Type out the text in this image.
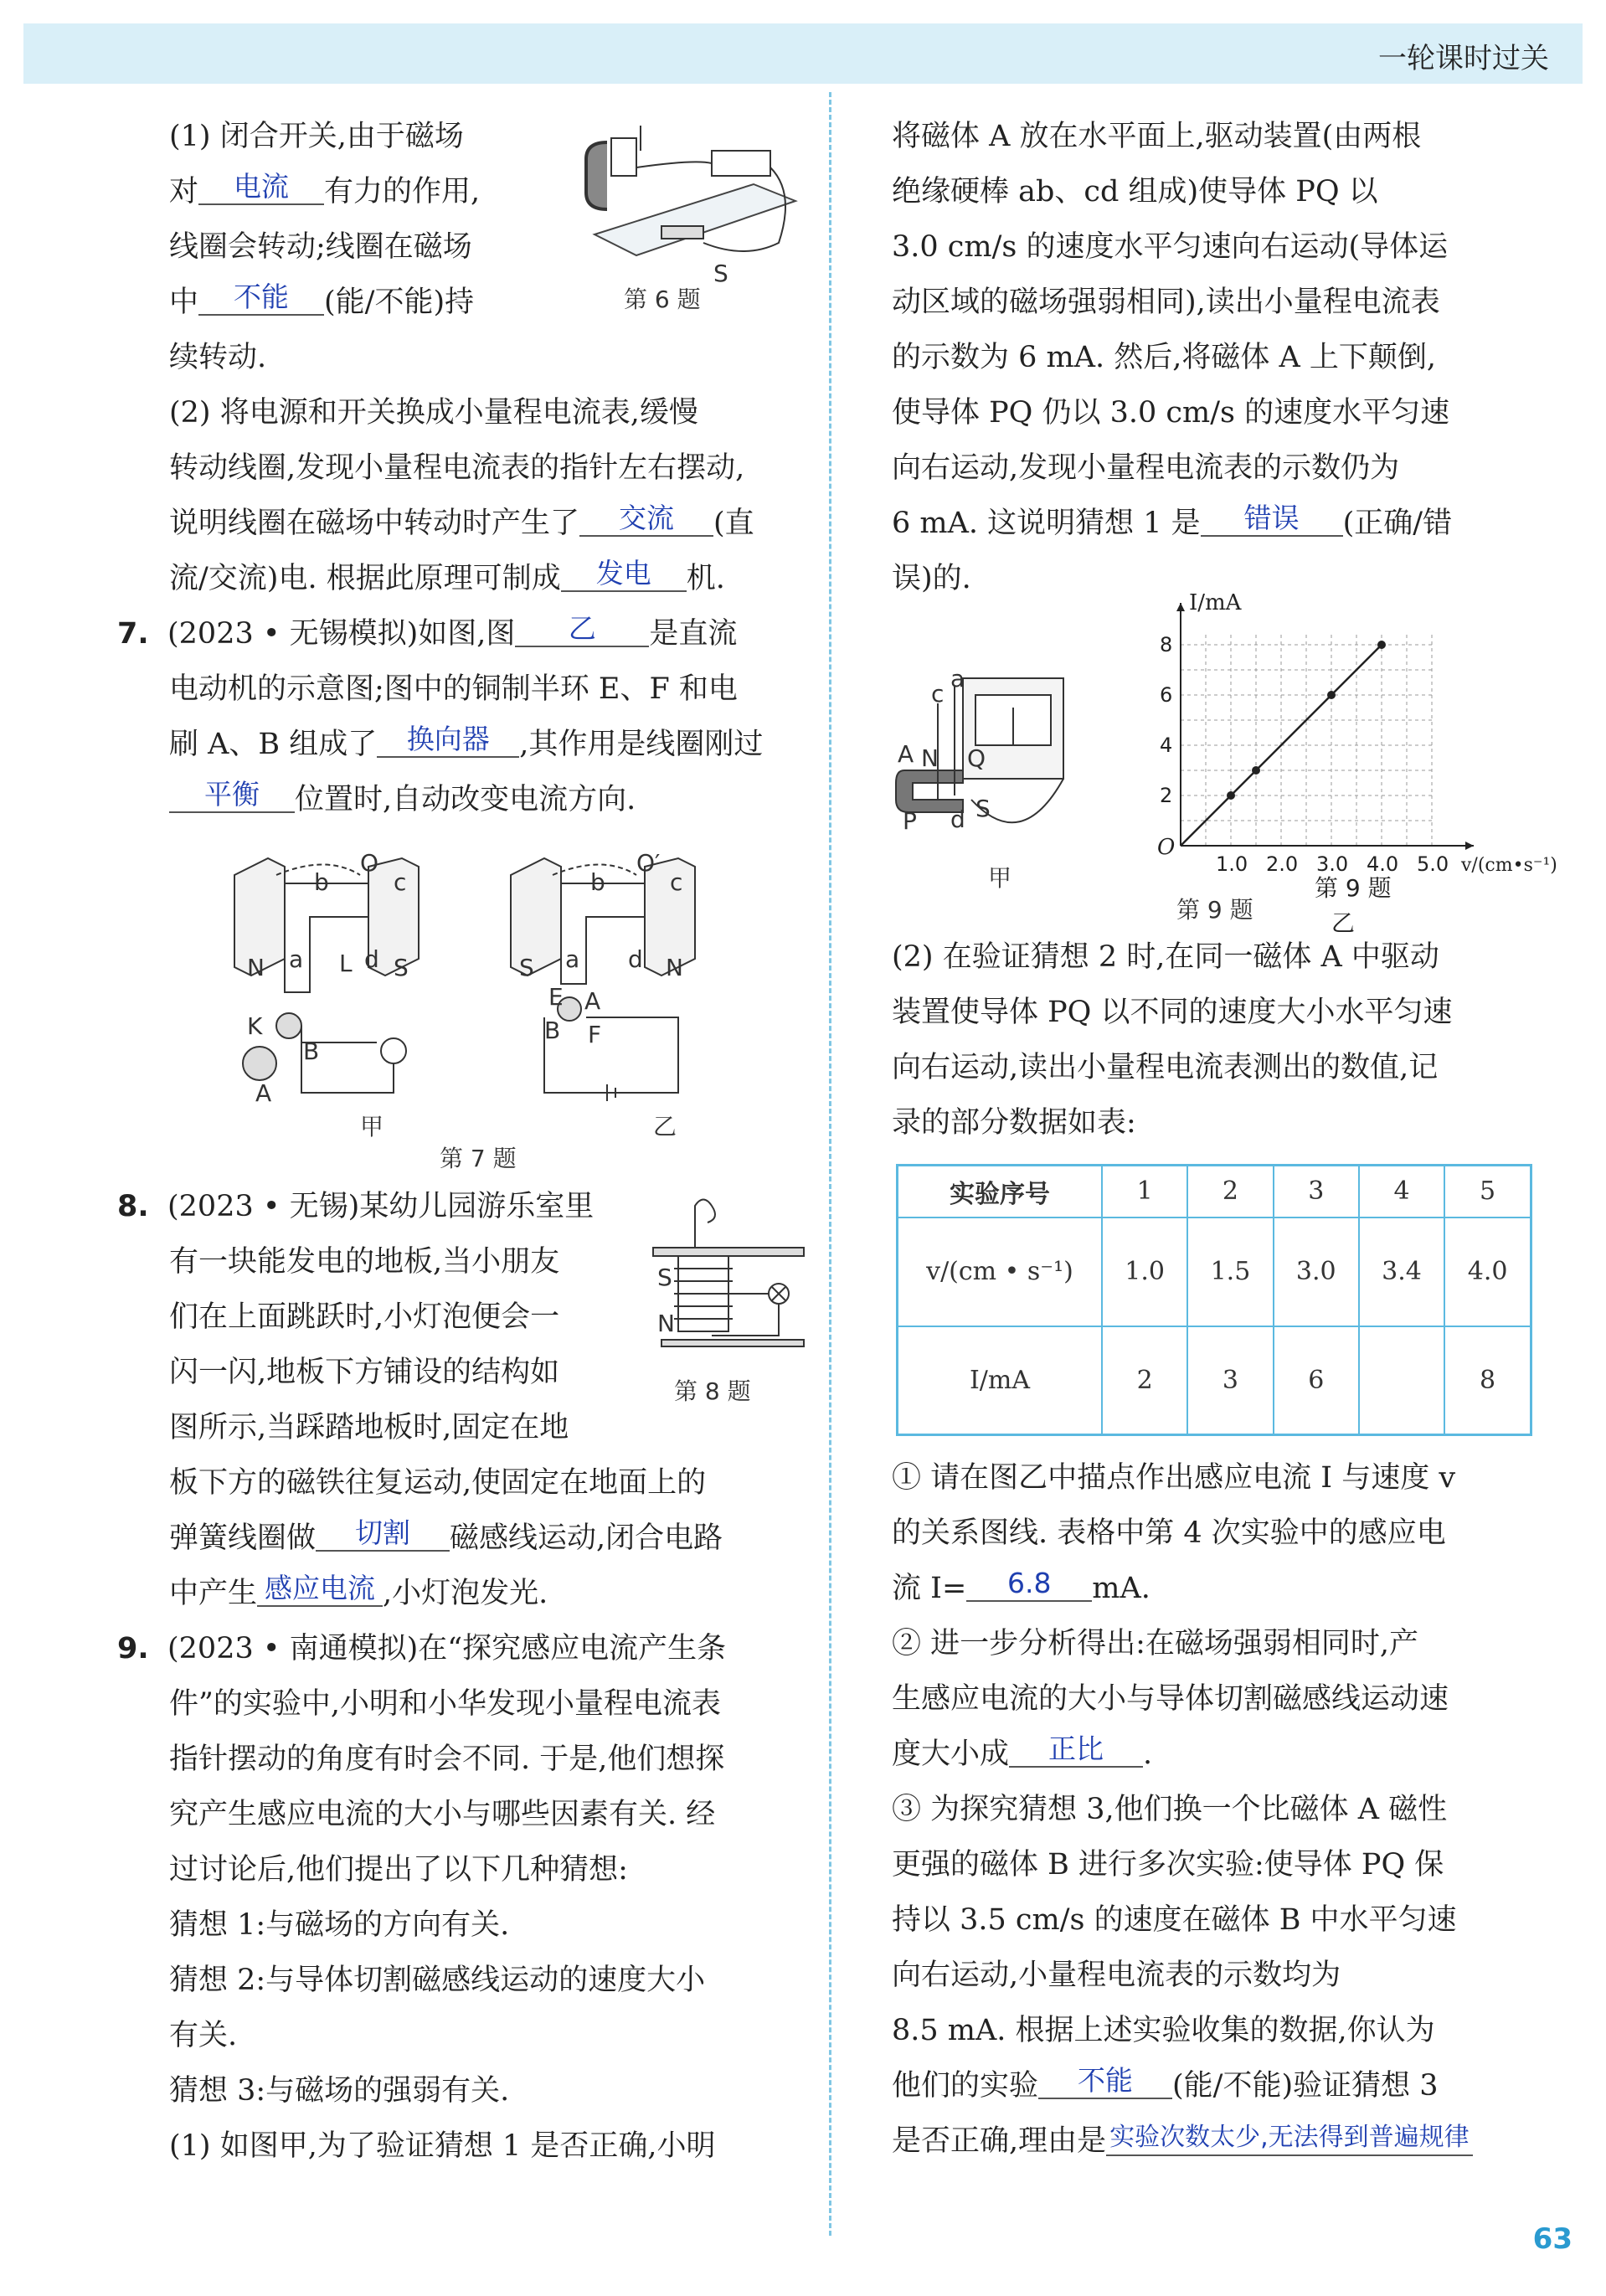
一轮课时过关

(1) 闭合开关,由于磁场

对 电流 有力的作用,

线圈会转动;线圈在磁场

中 不能 (能/不能)持

续转动.

(2) 将电源和开关换成小量程电流表,缓慢

转动线圈,发现小量程电流表的指针左右摆动,

说明线圈在磁场中转动时产生了 交流 (直

流/交流)电. 根据此原理可制成 发电 机.

7. (2023 • 无锡模拟)如图,图 乙 是直流

电动机的示意图;图中的铜制半环 E、F 和电

刷 A、B 组成了 换向器 ,其作用是线圈刚过

平衡 位置时,自动改变电流方向.

S
第 6 题
O
b	c
N	S
L
a	d
K
B
A
甲
O′
b	c
S	N
a d
E A
B F
乙
第 7 题

8. (2023 • 无锡)某幼儿园游乐室里

有一块能发电的地板,当小朋友

们在上面跳跃时,小灯泡便会一

闪一闪,地板下方铺设的结构如

图所示,当踩踏地板时,固定在地

板下方的磁铁往复运动,使固定在地面上的

弹簧线圈做 切割 磁感线运动,闭合电路

中产生 感应电流 ,小灯泡发光.

9. (2023 • 南通模拟)在“探究感应电流产生条

件”的实验中,小明和小华发现小量程电流表

指针摆动的角度有时会不同. 于是,他们想探

究产生感应电流的大小与哪些因素有关. 经

过讨论后,他们提出了以下几种猜想:

猜想 1:与磁场的方向有关.

猜想 2:与导体切割磁感线运动的速度大小

有关.

猜想 3:与磁场的强弱有关.

(1) 如图甲,为了验证猜想 1 是否正确,小明

S
N
第 8 题

将磁体 A 放在水平面上,驱动装置(由两根

绝缘硬棒 ab、cd 组成)使导体 PQ 以

3.0 cm/s 的速度水平匀速向右运动(导体运

动区域的磁场强弱相同),读出小量程电流表

的示数为 6 mA. 然后,将磁体 A 上下颠倒,

使导体 PQ 仍以 3.0 cm/s 的速度水平匀速

向右运动,发现小量程电流表的示数仍为

6 mA. 这说明猜想 1 是 错误 (正确/错

误)的.

c
a
Q
A N
P d S
甲	1.0 2.0 3.0 4.0 5.0
2
4
6
8
O
I/mA
v/(cm•s⁻¹)
第 9 题
乙
第 9 题

(2) 在验证猜想 2 时,在同一磁体 A 中驱动

装置使导体 PQ 以不同的速度大小水平匀速

向右运动,读出小量程电流表测出的数值,记

录的部分数据如表:

实验序号	1	2	3	4	5
v/(cm • s⁻¹)	1.0	1.5	3.0	3.4	4.0
I/mA	2	3	6		8

① 请在图乙中描点作出感应电流 I 与速度 v

的关系图线. 表格中第 4 次实验中的感应电

流 I= 6.8 mA.

② 进一步分析得出:在磁场强弱相同时,产

生感应电流的大小与导体切割磁感线运动速

度大小成 正比 .

③ 为探究猜想 3,他们换一个比磁体 A 磁性

更强的磁体 B 进行多次实验:使导体 PQ 保

持以 3.5 cm/s 的速度在磁体 B 中水平匀速

向右运动,小量程电流表的示数均为

8.5 mA. 根据上述实验收集的数据,你认为

他们的实验 不能 (能/不能)验证猜想 3

是否正确,理由是 实验次数太少,无法得到普遍规律

63
